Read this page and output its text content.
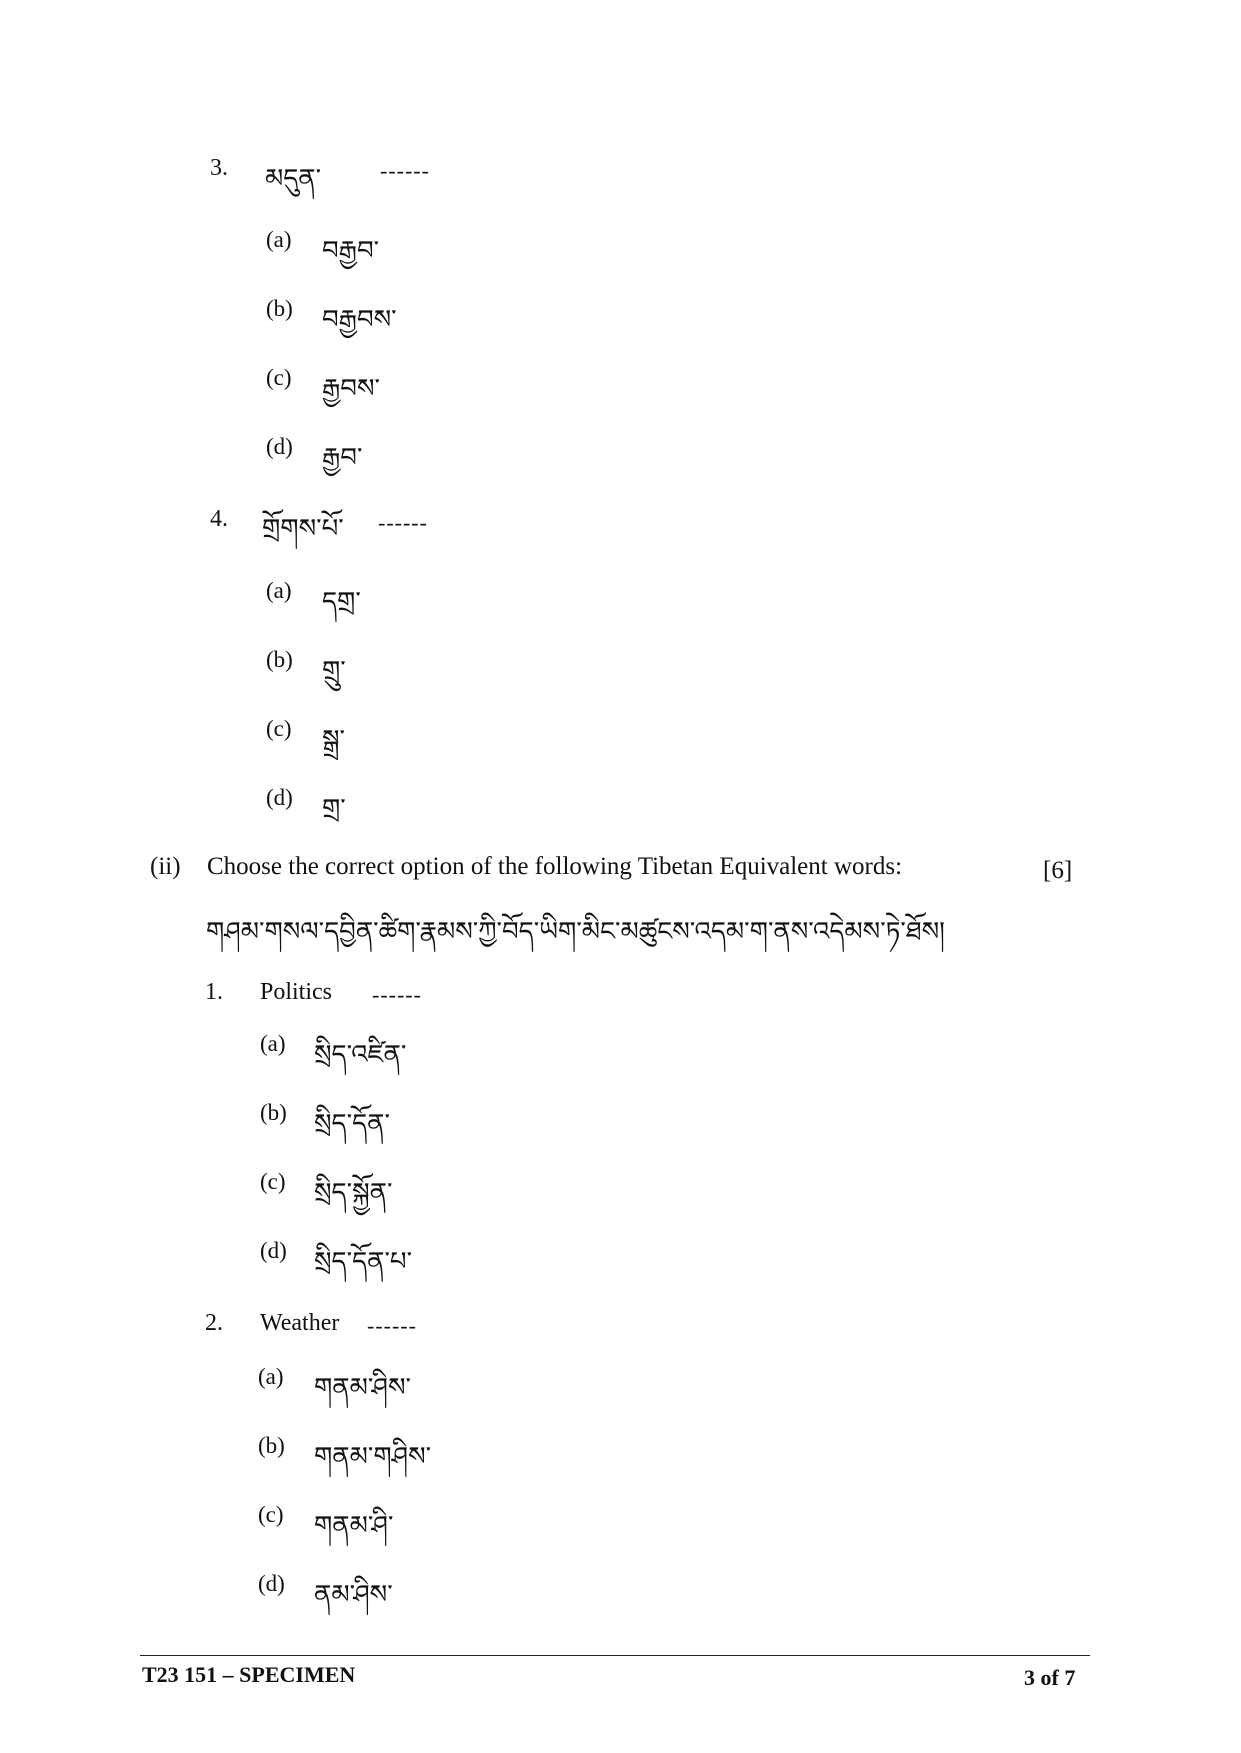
3. མདུན་	------
(a) བརྒྱབ་
(b) བརྒྱབས་
(c) རྒྱབས་
(d) རྒྱབ་
4. གྲོགས་པོ་ ------
(a) དགྲ་
(b) གྲུ་
(c) སྒྲ་
(d) གྲ་
(ii) Choose the correct option of the following Tibetan Equivalent words:	[6]
གཤམ་གསལ་དབྱིན་ཚིག་རྣམས་ཀྱི་བོད་ཡིག་མིང་མཚུངས་འདམ་ག་ནས་འདེམས་ཏེ་ཐོས།
1. Politics ------
(a) སྲིད་འཛིན་
(b) སྲིད་དོན་
(c) སྲིད་སྐྱོན་
(d) སྲིད་དོན་པ་
2. Weather ------
(a) གནམ་ཤིས་
(b) གནམ་གཤིས་
(c) གནམ་ཤི་
(d) ནམ་ཤིས་
T23 151 – SPECIMEN	3 of 7
